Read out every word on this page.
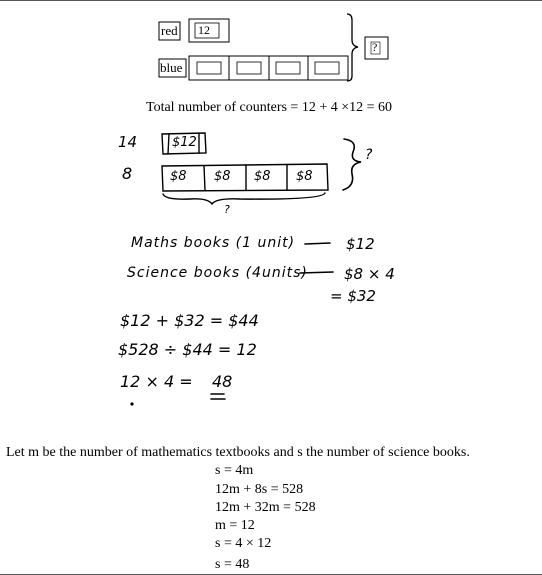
red 12
blue
?
Total number of counters = 12 + 4 ×12 = 60
14
8
$12
$8 $8 $8 $8
?
?
Maths books (1 unit)	$12
Science books (4units) $8 × 4
= $32
$12 + $32 = $44
$528 ÷ $44 = 12
12 × 4 = 48
Let m be the number of mathematics textbooks and s the number of science books.
s = 4m
12m + 8s = 528
12m + 32m = 528
m = 12
s = 4 × 12
s = 48
